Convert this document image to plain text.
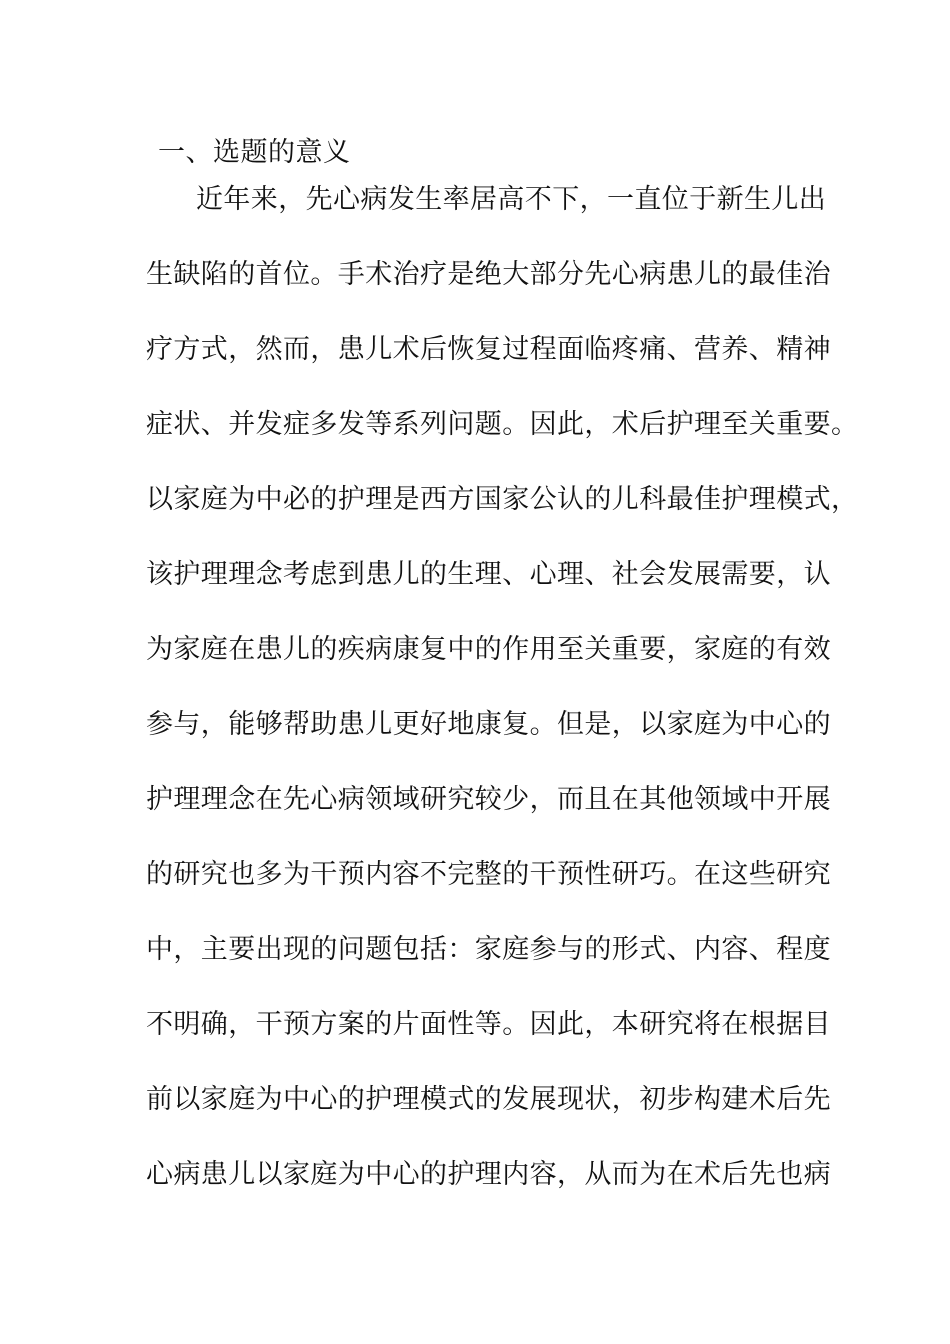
一、选题的意义
近年来，先心病发生率居高不下，一直位于新生儿出
生缺陷的首位。手术治疗是绝大部分先心病患儿的最佳治
疗方式，然而，患儿术后恢复过程面临疼痛、营养、精神
症状、并发症多发等系列问题。因此，术后护理至关重要。
以家庭为中必的护理是西方国家公认的儿科最佳护理模式，
该护理理念考虑到患儿的生理、心理、社会发展需要，认
为家庭在患儿的疾病康复中的作用至关重要，家庭的有效
参与，能够帮助患儿更好地康复。但是，以家庭为中心的
护理理念在先心病领域研究较少，而且在其他领域中开展
的研究也多为干预内容不完整的干预性研巧。在这些研究
中，主要出现的问题包括：家庭参与的形式、内容、程度
不明确，干预方案的片面性等。因此，本研究将在根据目
前以家庭为中心的护理模式的发展现状，初步构建术后先
心病患儿以家庭为中心的护理内容，从而为在术后先也病
